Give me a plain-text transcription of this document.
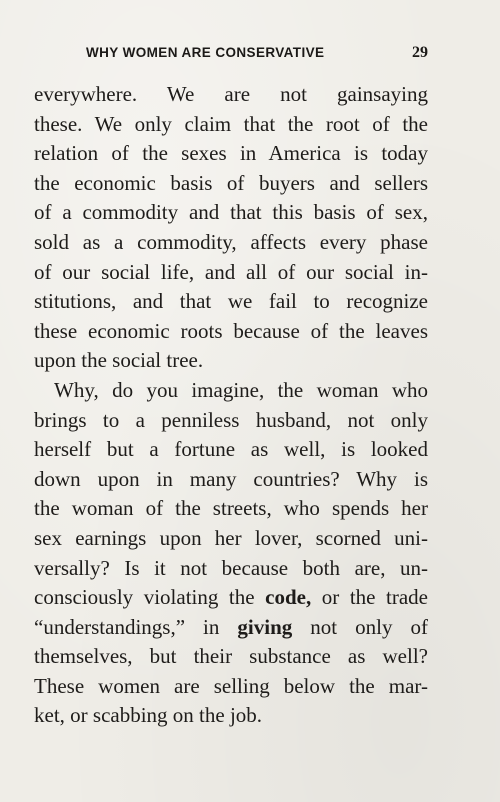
WHY WOMEN ARE CONSERVATIVE	29
everywhere. We are not gainsaying
these. We only claim that the root of the
relation of the sexes in America is today
the economic basis of buyers and sellers
of a commodity and that this basis of sex,
sold as a commodity, affects every phase
of our social life, and all of our social in-
stitutions, and that we fail to recognize
these economic roots because of the leaves
upon the social tree.
Why, do you imagine, the woman who
brings to a penniless husband, not only
herself but a fortune as well, is looked
down upon in many countries? Why is
the woman of the streets, who spends her
sex earnings upon her lover, scorned uni-
versally? Is it not because both are, un-
consciously violating the code, or the trade
“understandings,” in giving not only of
themselves, but their substance as well?
These women are selling below the mar-
ket, or scabbing on the job.
